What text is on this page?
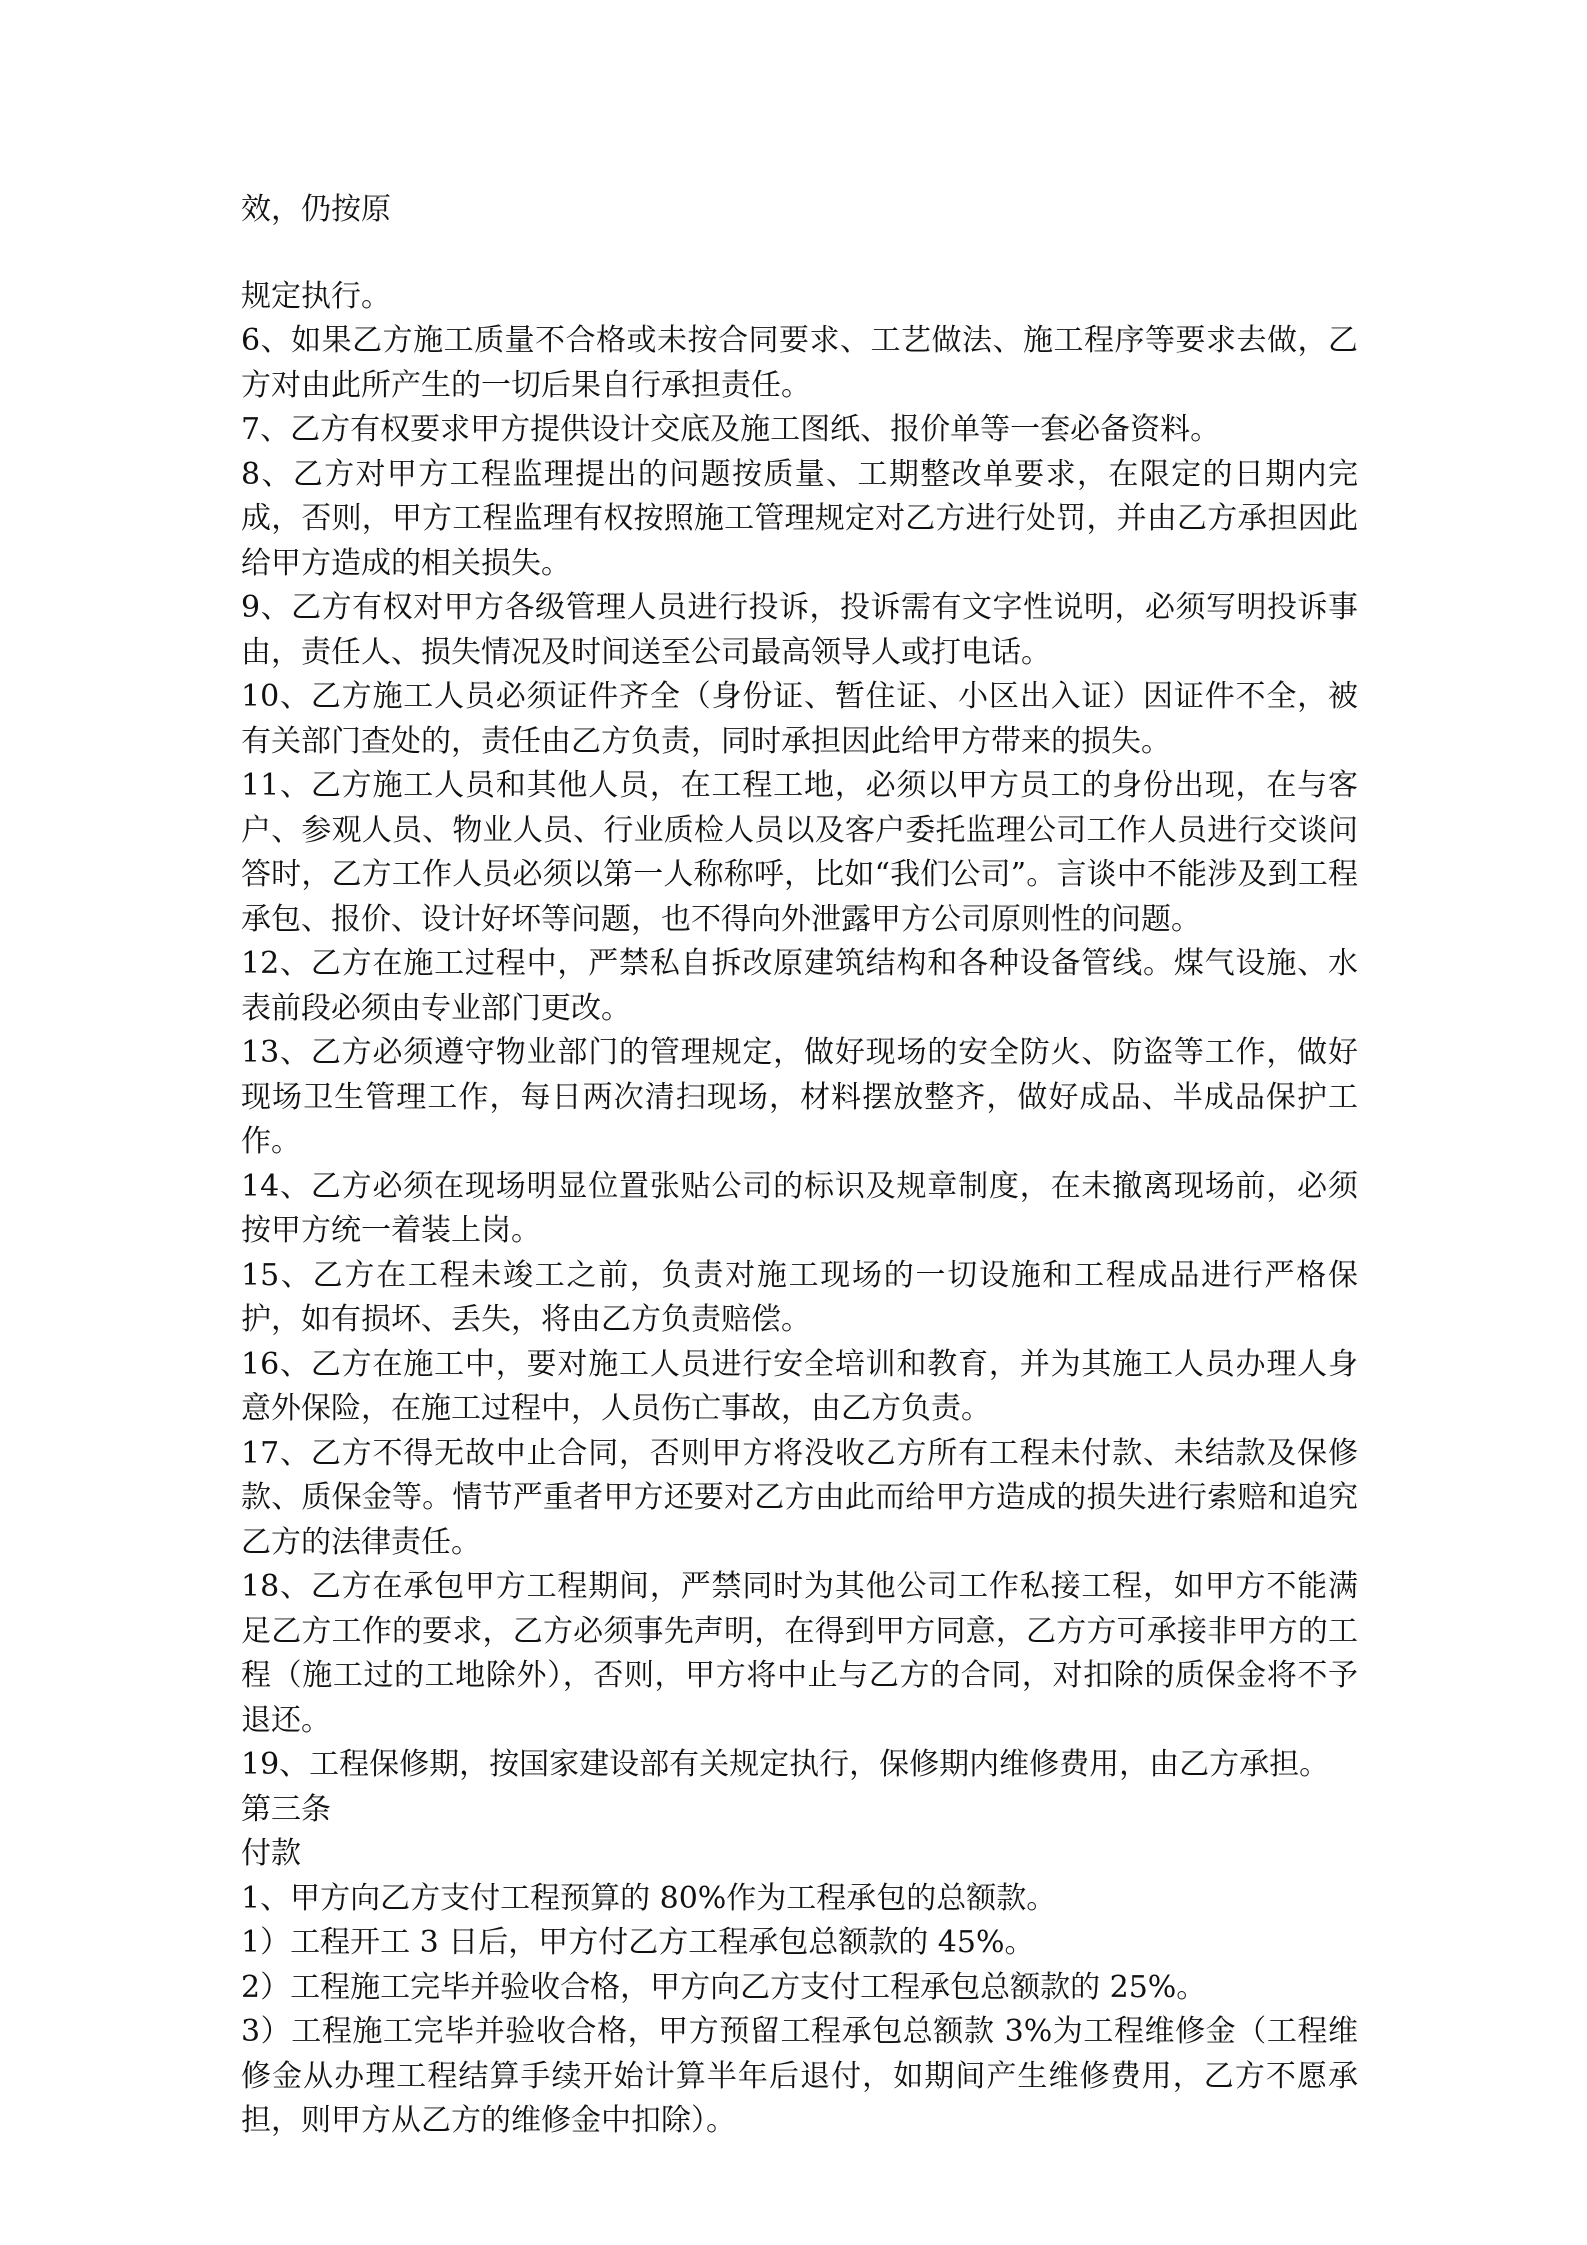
效，仍按原

规定执行。

6、如果乙方施工质量不合格或未按合同要求、工艺做法、施工程序等要求去做，乙方对由此所产生的一切后果自行承担责任。

7、乙方有权要求甲方提供设计交底及施工图纸、报价单等一套必备资料。

8、乙方对甲方工程监理提出的问题按质量、工期整改单要求，在限定的日期内完成，否则，甲方工程监理有权按照施工管理规定对乙方进行处罚，并由乙方承担因此给甲方造成的相关损失。

9、乙方有权对甲方各级管理人员进行投诉，投诉需有文字性说明，必须写明投诉事由，责任人、损失情况及时间送至公司最高领导人或打电话。

10、乙方施工人员必须证件齐全（身份证、暂住证、小区出入证）因证件不全，被有关部门查处的，责任由乙方负责，同时承担因此给甲方带来的损失。

11、乙方施工人员和其他人员，在工程工地，必须以甲方员工的身份出现，在与客户、参观人员、物业人员、行业质检人员以及客户委托监理公司工作人员进行交谈问答时，乙方工作人员必须以第一人称称呼，比如“我们公司”。言谈中不能涉及到工程承包、报价、设计好坏等问题，也不得向外泄露甲方公司原则性的问题。

12、乙方在施工过程中，严禁私自拆改原建筑结构和各种设备管线。煤气设施、水表前段必须由专业部门更改。

13、乙方必须遵守物业部门的管理规定，做好现场的安全防火、防盗等工作，做好现场卫生管理工作，每日两次清扫现场，材料摆放整齐，做好成品、半成品保护工作。

14、乙方必须在现场明显位置张贴公司的标识及规章制度，在未撤离现场前，必须按甲方统一着装上岗。

15、乙方在工程未竣工之前，负责对施工现场的一切设施和工程成品进行严格保护，如有损坏、丢失，将由乙方负责赔偿。

16、乙方在施工中，要对施工人员进行安全培训和教育，并为其施工人员办理人身意外保险，在施工过程中，人员伤亡事故，由乙方负责。

17、乙方不得无故中止合同，否则甲方将没收乙方所有工程未付款、未结款及保修款、质保金等。情节严重者甲方还要对乙方由此而给甲方造成的损失进行索赔和追究乙方的法律责任。

18、乙方在承包甲方工程期间，严禁同时为其他公司工作私接工程，如甲方不能满足乙方工作的要求，乙方必须事先声明，在得到甲方同意，乙方方可承接非甲方的工程（施工过的工地除外），否则，甲方将中止与乙方的合同，对扣除的质保金将不予退还。

19、工程保修期，按国家建设部有关规定执行，保修期内维修费用，由乙方承担。

第三条

付款

1、甲方向乙方支付工程预算的 80%作为工程承包的总额款。

1）工程开工 3 日后，甲方付乙方工程承包总额款的 45%。

2）工程施工完毕并验收合格，甲方向乙方支付工程承包总额款的 25%。

3）工程施工完毕并验收合格，甲方预留工程承包总额款 3%为工程维修金（工程维修金从办理工程结算手续开始计算半年后退付，如期间产生维修费用，乙方不愿承担，则甲方从乙方的维修金中扣除）。
